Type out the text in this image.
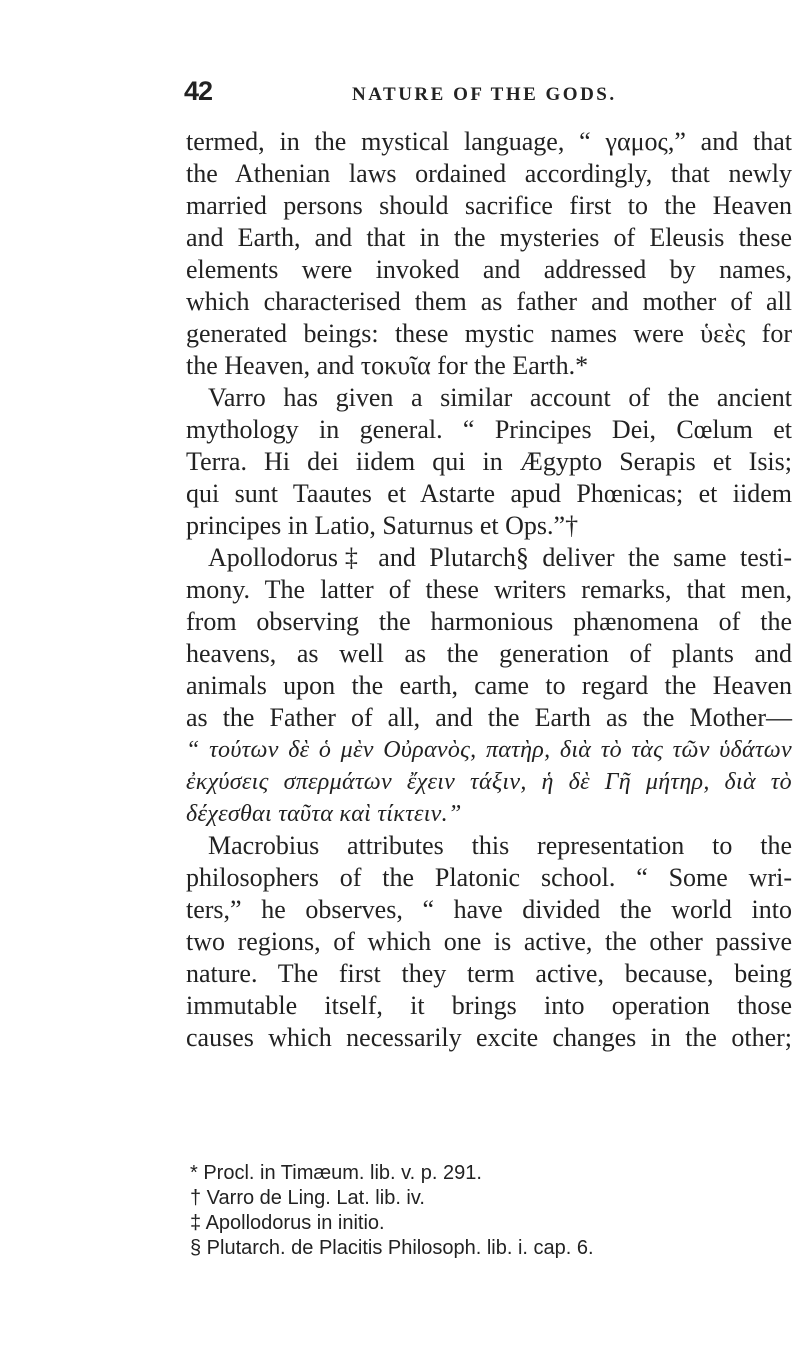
42	NATURE OF THE GODS.
termed, in the mystical language, “ γαμος,” and that
the Athenian laws ordained accordingly, that newly
married persons should sacrifice first to the Heaven
and Earth, and that in the mysteries of Eleusis these
elements were invoked and addressed by names,
which characterised them as father and mother of all
generated beings: these mystic names were ὑεὲς for
the Heaven, and τοκυῖα for the Earth.*
Varro has given a similar account of the ancient
mythology in general. “ Principes Dei, Cœlum et
Terra. Hi dei iidem qui in Ægypto Serapis et Isis;
qui sunt Taautes et Astarte apud Phœnicas; et iidem
principes in Latio, Saturnus et Ops.”†
Apollodorus‡ and Plutarch§ deliver the same testi-
mony. The latter of these writers remarks, that men,
from observing the harmonious phænomena of the
heavens, as well as the generation of plants and
animals upon the earth, came to regard the Heaven
as the Father of all, and the Earth as the Mother—
“ τούτων δὲ ὁ μὲν Οὐρανὸς, πατὴρ, διὰ τὸ τὰς τῶν ὑδάτων
ἐκχύσεις σπερμάτων ἔχειν τάξιν, ἡ δὲ Γῆ μήτηρ, διὰ τὸ
δέχεσθαι ταῦτα καὶ τίκτειν.”
Macrobius attributes this representation to the
philosophers of the Platonic school. “ Some wri-
ters,” he observes, “ have divided the world into
two regions, of which one is active, the other passive
nature. The first they term active, because, being
immutable itself, it brings into operation those
causes which necessarily excite changes in the other;
* Procl. in Timæum. lib. v. p. 291.
† Varro de Ling. Lat. lib. iv.
‡ Apollodorus in initio.
§ Plutarch. de Placitis Philosoph. lib. i. cap. 6.
